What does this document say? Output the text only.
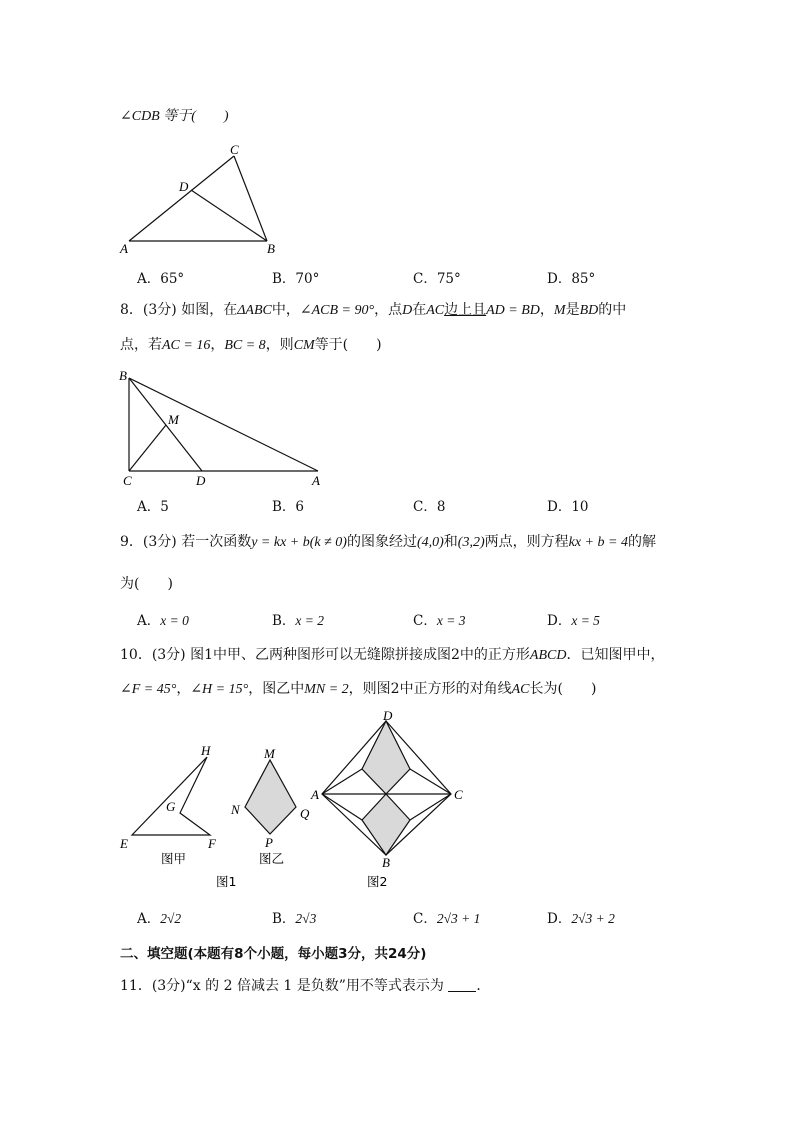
∠CDB 等于(　　)
C
D
A	B
A．65°	B．70°	C．75°	D．85°
8．(3分) 如图，在ΔABC中，∠ACB = 90°，点D在AC边上且AD = BD，M是BD的中
点，若AC = 16，BC = 8，则CM等于(　　)
B
M
C	D	A
A．5	B．6	C．8	D．10
9．(3分) 若一次函数y = kx + b(k ≠ 0)的图象经过(4,0)和(3,2)两点，则方程kx + b = 4的解
为(　　)
A．x = 0	B．x = 2	C．x = 3	D．x = 5
10．(3分) 图1中甲、乙两种图形可以无缝隙拼接成图2中的正方形ABCD．已知图甲中，
∠F = 45°，∠H = 15°，图乙中MN = 2，则图2中正方形的对角线AC长为(　　)
H
G
E	F
图甲
M
N	Q
P
图乙
D
A	C
B
图1	图2
A．2√2	B．2√3	C．2√3 + 1	D．2√3 + 2
二、填空题(本题有8个小题，每小题3分，共24分)
11．(3分)“x 的 2 倍减去 1 是负数”用不等式表示为 ．
